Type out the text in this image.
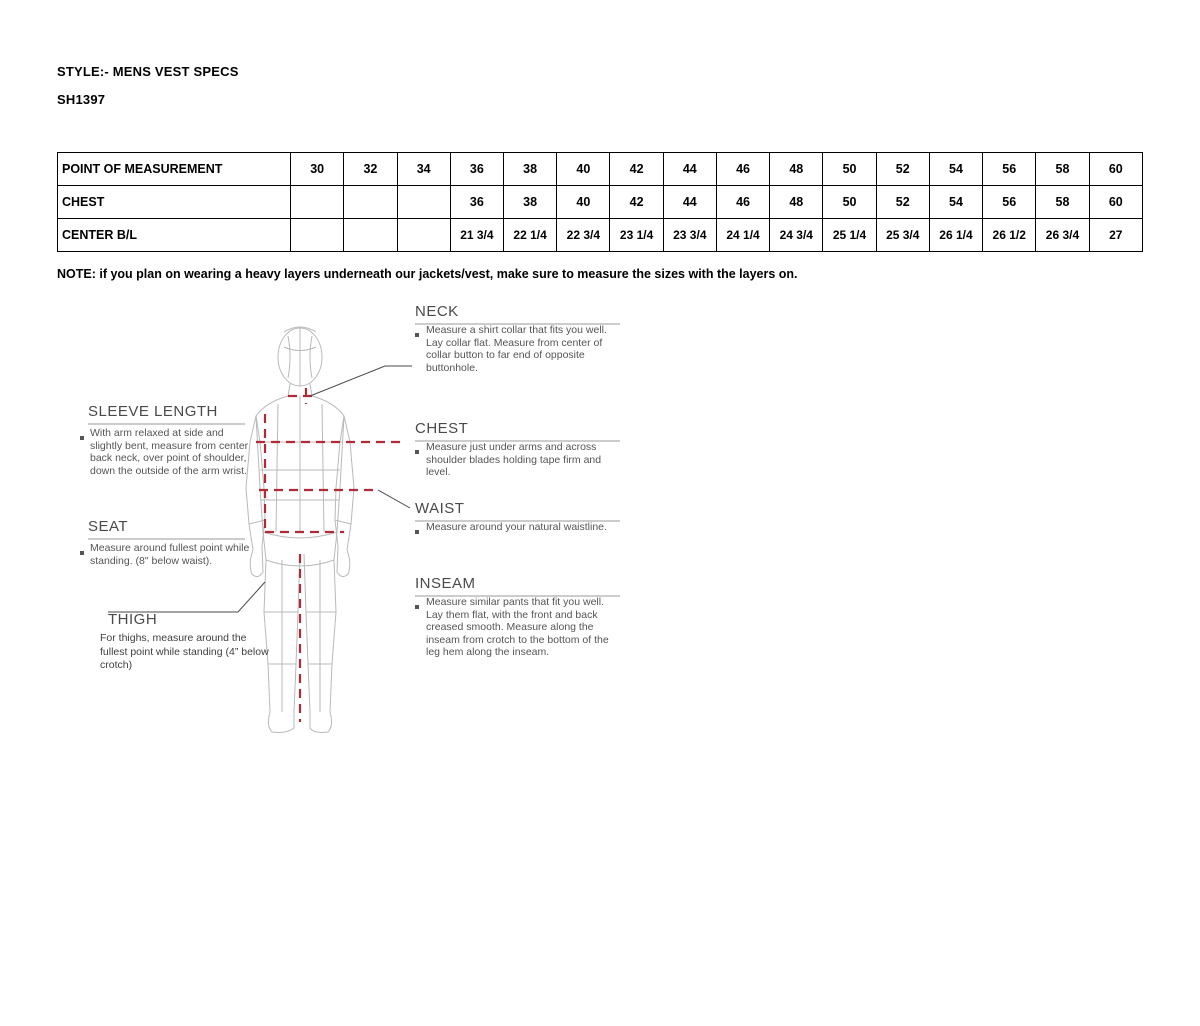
STYLE:- MENS VEST SPECS
SH1397
POINT OF MEASUREMENT	30	32	34	36	38	40	42	44	46	48	50	52	54	56	58	60
CHEST				36	38	40	42	44	46	48	50	52	54	56	58	60
CENTER B/L				21 3/4	22 1/4	22 3/4	23 1/4	23 3/4	24 1/4	24 3/4	25 1/4	25 3/4	26 1/4	26 1/2	26 3/4	27
NOTE: if you plan on wearing a heavy layers underneath our jackets/vest, make sure to measure the sizes with the layers on.
NECK
Measure a shirt collar that fits you well. Lay collar flat. Measure from center of collar button to far end of opposite buttonhole.
CHEST
Measure just under arms and across shoulder blades holding tape firm and level.
WAIST
Measure around your natural waistline.
INSEAM
Measure similar pants that fit you well. Lay them flat, with the front and back creased smooth. Measure along the inseam from crotch to the bottom of the leg hem along the inseam.
SLEEVE LENGTH
With arm relaxed at side and slightly bent, measure from center back neck, over point of shoulder, down the outside of the arm wrist.
SEAT
Measure around fullest point while standing. (8" below waist).
THIGH
For thighs, measure around the fullest point while standing (4” below crotch)
